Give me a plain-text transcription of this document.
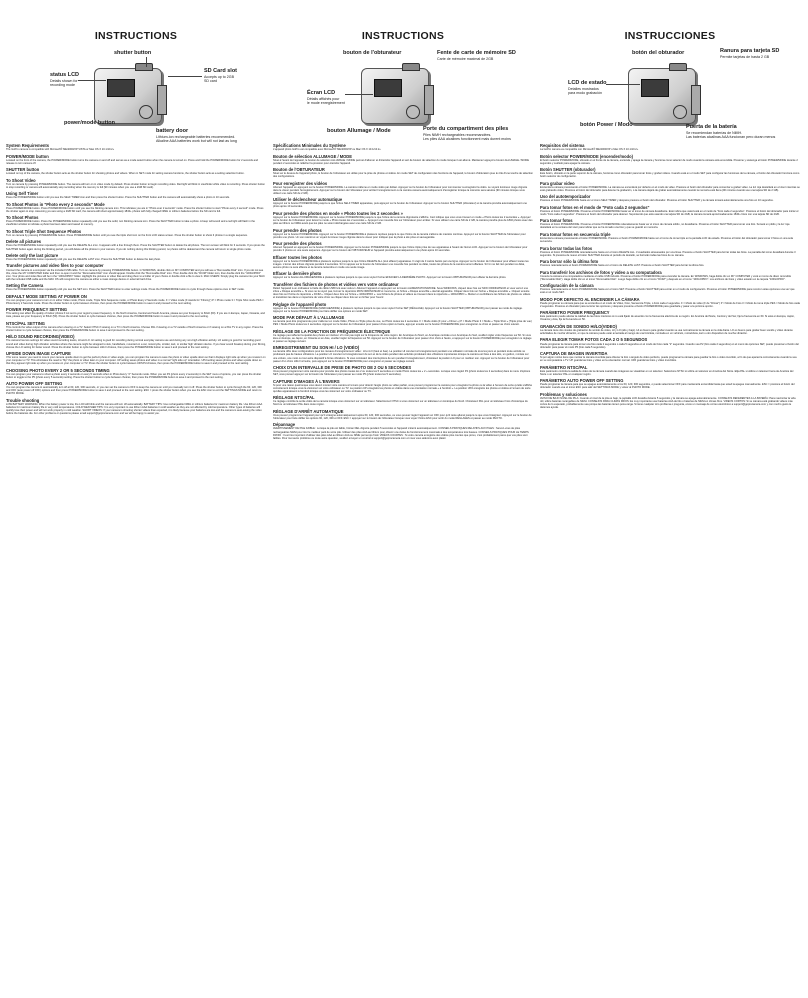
INSTRUCTIONS
shutter button
status LCD
Details shown for
recording mode
SD Card slot
Accepts up to 2GB
SD card
power/mode button
battery door
Lithium-ion rechargeable batteries recommended.
Alkaline AAA batteries work but will not last as long

System Requirements
The GoPro camera is compatible with Microsoft® ME/2000/XP VISTA or Mac OS X 10.1/10.2+

POWER/MODE button
Located on the front of the camera, the POWER/MODE button turns the camera on and off and serves as a mode select button when the camera is turned on. Press and hold the POWER/MODE button for 2 seconds and release to turn camera off.

SHUTTER button
Located on top of the camera, the shutter button acts as the shutter button for shooting photos and videos. When in SET mode for setting camera functions, the shutter button acts as a setting selection button.

To Shoot Video
Turn on camera by pressing POWER/MODE button. The camera will turn on in video mode by default. Press shutter button to begin recording video. Red light will blink in viewfinder while video is recording. Press shutter button to stop recording or camera will automatically stop recording when the memory is full (90 minutes when you use a 2GB SD card).

Using Self Timer
Press the POWER/MODE button until you see the SELF TIMER icon and then press the shutter button. Press the SHUTTER button and the camera will automatically shoot a photo in 10 seconds.

To Shoot Photos in "Photo every 2 seconds" Mode
Press POWER/MODE button. Press POWER/MODE button until you see the blinking camera icon. This indicates you are in "Photo ever 2 seconds" mode. Press the shutter button to start "Photo every 2 second" mode. Press the shutter again to stop. Assuming you are using a 2GB SD card, the camera will shoot approximately 1840+ photos with fully charged NiMH or Lithium batteries before the SD card is full.

To Shoot Photos
Press POWER/MODE button. Press the POWER/MODE button repeatedly until you see the solid, non blinking camera icon. Press the SHUTTER button to take a photo. A beep will sound and a red light will flash in the viewfinder window to indicate a photo has been taken and saved to memory.

To Shoot Triple Shot Sequence Photos
Turn on camera by pressing POWER/MODE button. Press POWER/MODE button until you see the triple shot icon on the front LCD status screen. Press the shutter button to shoot 3 photos in a single sequence.

Delete all pictures
Press the POWER/MODE button repeatedly until you see the DELETE ALL icon. It appears with a line through them. Press the SHUTTER button to delete the all photos. The icon screen will blink for 3 seconds. If you press the SHUTTER button again during the blinking period, you will delete all the photos in your camera. If you do nothing during this blinking period, no photos will be deleted and the camera will return to single photo mode.

Delete only the last picture
Press the POWER/MODE button repeatedly until you see the DELETE LAST icon. Press the SHUTTER button to delete the last photo.

Transfer pictures and video files to your computer
Connect the camera to a computer via the included USB cable. Turn on camera by pressing POWER/MODE button. In WINDOWS, double click on MY COMPUTER and you will see a "Removable Disk" icon. If you do not see this, close the MY COMPUTER folder and then re-open it and the "Removable Disk" icon should appear. Double click the "Removable Disk" icon. Then double click the "DCIM" folder icon, then double click the "100GOPRO" icon. Your photo and video files will be in the "100GOPRO" folder. Highlight the pictures or video files and drag them to a folder of your choice or double click a file to view it. MAC USERS: Simply plug the camera into your MAC with the included USB cable and the MAC OS will recognize the camera as either a mass storage device or external hard drive.

Setting the Camera
Press the POWER/MODE button repeatedly until you see the SET icon. Press the SHUTTER button to enter settings mode. Press the POWER/MODE button to cycle through these options once in SET mode.

DEFAULT MODE SETTING AT POWER ON
You can program your camera to turn on in either Video mode, Photo mode, Triple Shot Sequence mode, or Photo Every 2 Seconds mode. F = Video mode (F stands for "Filming") P = Photo mode 3 = Triple Shot mode PES = Photo Every 2 Seconds mode. Press the shutter button to cycle between choices, then press the POWER/MODE button to save it and proceed to the next setting.

POWER FREQUENCY SETTING
This setting can affect the quality of indoor photos if not set to your region's power frequency. In the North America, Central and South America, please set your frequency to 60Hz (60). If you are in Europe, Japan, Oceania, and Asia, please set your frequency to 50Hz (50). Press the shutter button to cycle between choices, then press the POWER/MODE button to save it and proceed to the next setting.

NTSC/PAL SETTING
This controls the video output of the camera when viewing on a TV. Select NTSC if viewing on a TV in North America. Choose PAL if viewing on a TV outside of North America or if viewing on a PAL TV in any region. Press the shutter button to cycle between choices, then press the POWER/MODE button to save it and proceed to the next setting.

HI/LO SOUND RECORDING(VIDEO)
The camera has two settings for video sound recording levels, HI and LO. HI setting is good for recording during normal everyday camera use and during any non-high vibration activity. LO setting is good for recording good sound and video during high vibration activities where the camera might be strapped to skis, handlebars, mounted on a car, motorcycle, stroller, kart, or similar high vibration device. If you hear sound breakup during your filming, choose the LO setting for better sound. Press the shutter button to cycle between HI/LO choices, then press the POWER/MODE button to save it and proceed to the next setting.

UPSIDE DOWN IMAGE CAPTURE
If for some reason you need to mount your camera upside down to get the perfect photo or video angle, you can program the camera to save the photo or video upside down so that it displays right side up when you review it on your computer or TV. This eliminates the need to "flip" the photo or video later on your computer. UP setting saves photos and video in a normal "right side up" orientation. UPd setting saves photos and video upside down so that they appear right side up when you review on your computer or TV. Press the shutter button to cycle between UP/UPd choices, then press the POWER/MODE button to save it and proceed to the next setting.

CHOOSING PHOTO EVERY 2 OR 5 SECONDS TIMING
You can program your camera to shoot a photo every 2 seconds or every 5 seconds when in Photo Every "2" Seconds mode. When you set P2 (photo every 2 seconds) in the SET menu of options, you can press the shutter button to toggle to the P5 (photo every 5 seconds) setting. Press the shutter button to cycle between choices, then press the POWER/MODE button to save it and proceed to the next setting.

AUTO POWER OFF SETTING
You can program the camera to automatically turn off at 60, 120, 300 seconds, or you can set the camera to OFF to keep the camera on until you manually turn it off. Press the shutter button to cycle through the 60, 120, 300 and OFF (auto power off OFF) options and then press POWER/MODE button to save it and proceed to the next setting. ESC = press the shutter button when you see the ESC icon to exit the SETTINGS MODE and return to PHOTO MODE.

Trouble shooting
LOW BATTERY WARNING: When the battery power is low, the LCD will blink and the camera will turn off automatically. BATTERY TIPS: Use rechargeable NiMH or Lithium batteries for maximum battery life. Use lithium AAA batteries for maximum battery life in very cold temperatures. COLD WEATHER TIPS: It is very important to use lithium AAA batteries in cold weather as they are not affected by cold temperature. Other types of batteries will quickly lose their power and will not work properly in cold weather. SHORT VIDEOS: If your camera is shooting shorter videos than expected, it is likely because your batteries are low and the camera is auto-saving the video before the batteries die. For other problems or questions please email support@goprocamera.com and we will be happy to assist you.

INSTRUCTIONS
bouton de l'obturateur
Écran LCD
Détails affichés pour
le mode enregistrement
Fente de carte de mémoire SD
Carte de mémoire maximal de 2GB
bouton Allumage / Mode	Porte du compartiment des piles
Piles NiMH rechargeables recommandées.
Les piles AAA alcalines fonctionnent mais durent moins

Spécifications Minimales du Système
L'appareil photo GoPro est compatible avec Microsoft® ME/2000/XP ou Mac OS X 10.1/10.2+

Bouton de sélection ALLUMAGE / MODE
Situé à l'avant de l'appareil, le bouton de sélection ALLUMAGE / MODE permet d'allumer et d'éteindre l'appareil et sert de bouton de sélection du mode lorsque il est allumé. Maintenez appuyé le bouton ALLUMAGE / MODE pendant 2 secondes et relâchez la pression pour éteindre l'appareil.

Bouton de l'OBTURATEUR
Situé sur le dessus de l'appareil photo, le bouton de l'obturateur est utilisé pour la prise de photos et vidéos. En mode SET de configuration des fonctions de l'appareil, le bouton d'obturation joue le rôle d'une touche de sélection des configurations.

Pour enregistrer des vidéos
Allumez l'appareil en appuyant sur le bouton POWER/MODE. La caméra s'allume en mode vidéo par défaut. Appuyez sur le bouton de l'obturateur pour commencer à enregistrer la vidéo. Le voyant lumineux rouge clignote dans le viseur pendant l'enregistrement. Appuyez sur le bouton de l'obturateur pour arrêter l'enregistrement ou la caméra cessera automatiquement d'enregistrer lorsque la mémoire sera saturée (90 minutes lorsque vous utilisez une carte SD de 2 GB).

Utiliser le déclencheur automatique
Appuyez sur le bouton POWER/MODE jusqu'à ce que l'icône SELF TIMER apparaisse, puis appuyez sur le bouton de l'obturateur. Appuyez sur le bouton SHUTTER (obturateur) et la caméra prendra automatiquement une photo après 10 secondes.

Pour prendre des photos en mode « Photo toutes les 2 secondes »
Appuyez sur le bouton POWER/MODE. Appuyez sur le bouton POWER/MODE jusqu'à ce que l'icône de la caméra clignotante s'affiche. Ceci indique que vous vous trouvez en mode « Photo toutes les 2 secondes ». Appuyez sur le bouton de l'obturateur pour lancer le mode « Photo toutes les 2 secondes ». Appuyez une nouvelle fois sur l'obturateur pour arrêter. Si vous utilisez une carte SD de 2 GB, la caméra prendra plus de 1840 photos avec des piles au lithium ou NiMH avant que les piles ne soient déchargées avec une carte SD de 2 GB.

Pour prendre des photos
Appuyez sur le bouton POWER/MODE. Appuyez sur le bouton POWER/MODE à plusieurs reprises jusqu'à ce que l'icône de la caméra s'allume de manière continue. Appuyez sur le bouton SHUTTER de l'obturateur pour prendre une photo. Un son retentit et un voyant lumineux rouge clignote dans le viseur pour indiquer que la photo a été prise et sauvegardée.

Pour prendre des photos
Allumez l'appareil en appuyant sur le bouton POWER/MODE. Appuyez sur le bouton POWER/MODE jusqu'à ce que l'icône triple prise de vue apparaisse à l'avant de l'écran LCD. Appuyez sur le bouton de l'obturateur pour prendre 3 photos en une seule séquence. Appuyez sur le bouton de l'OBTURATEUR et l'appareil prendra automatiquement une photo après 10 secondes.

Effacer toutes les photos
Appuyez sur le bouton POWER/MODE à plusieurs reprises jusqu'à ce que l'icône DELETE ALL (tout effacer) apparaisse. Il s'agit de 3 carrés barrés par une ligne. Appuyez sur le bouton de l'obturateur pour effacer toutes les images. L'écran des icônes clignote pendant 3 secondes. Si l'on appuie sur le bouton de l'obturateur une nouvelle fois pendant ce délai, toutes les photos de la caméra seront effacées. Si l'on ne fait rien pendant ce délai, aucune photo ne sera effacée et la caméra reviendra en mode une seule image.

Effacer la dernière photo
Appuyez sur le bouton ALLUMAGE/MODE à plusieurs reprises jusqu'à ce que vous voyiez l'icône EFFACER LA DERNIÈRE PHOTO. Appuyez sur le bouton OBTURATEUR pour effacer la dernière photo.

Transférer des fichiers de photos et vidéos vers votre ordinateur
Reliez l'appareil à un ordinateur à l'aide du câble USB livré avec celui-ci. Allumez l'appareil en appuyant sur le bouton ALIMENTATION/MODE. Sous WINDOWS, cliquez deux fois sur MON ORDINATEUR et vous verrez une icône « Disque amovible ». Si vous ne la voyez pas, fermez le répertoire MON ORDINATEUR et rouvrez-le, et l'icône « Disque amovible » devrait apparaître. Cliquez deux fois sur l'icône « Disque amovible ». Cliquez ensuite deux fois sur l'icône du répertoire « DCIM ». Cliquez deux fois sur l'icône « 100GOPRO ». Les fichiers de photos et vidéos se trouvent dans le répertoire « 100GOPRO ». Mettez en surbrillance les fichiers de photos ou vidéos et transférez-les dans un répertoire de votre choix ou cliquez deux fois sur un fichier pour l'ouvrir.

Réglage de l'appareil photo
Appuyez sur le bouton POWER/MODE (MARCHE/MODE) à plusieurs reprises jusqu'à ce que vous voyiez l'icône SET (RÉGLAGE). Appuyez sur le bouton SHUTTER (OBTURATEUR) pour passer au mode de réglage. Appuyez sur le bouton POWER/MODE pour faire défiler ces options en mode SET.

MODE PAR DÉFAUT À L'ALLUMAGE
La caméra peut être programmée pour s'allumer en mode Vidéo, Photo ou Triple prise de vue, ou Photo toutes les 2 secondes. F = Mode vidéo (F pour « Filmer ») P = Mode Photo 3 = Mode « Triple Shot » (Triple prise de vue) PES = Mode Photo toutes les 2 secondes. Appuyez sur le bouton de l'obturateur pour passer d'une option à l'autre, appuyer ensuite sur le bouton POWER/MODE pour enregistrer ce choix et passer au choix suivant.

RÉGLAGE DE LA FONCTION DE FRÉQUENCE ÉLECTRIQUE
Ce réglage peut affecter la qualité des photos en intérieur s'il n'est pas réglé sur la fréquence de votre région. En Amérique du Nord, en Amérique centrale et en Amérique du Sud, veuillez régler votre fréquence sur 60. Si vous êtes en Europe, au Japon, en Océanie et en Asie, veuillez régler la fréquence sur 50. Appuyez sur le bouton de l'obturateur pour passer d'un choix à l'autre, et appuyez sur le bouton POWER/MODE pour enregistrer ce réglage et passer au réglage suivant.

ENREGISTREMENT DU SON HI / LO (VIDÉO)
La caméra offre deux configurations pour les niveaux d'enregistrement vidéo : HI et LO (haut et bas). La position HI convient à l'enregistrement pendant une utilisation normale de tous les jours et pendant toute activité ne produisant pas de hautes vibrations. La position LO convient à l'enregistrement du son et de la vidéo pendant des activités produisant des vibrations importantes lorsque la caméra est fixée à des skis, un guidon, montée sur une voiture, une moto ou tout autre dispositif à fortes vibrations. Si vous constatez des interruptions de son pendant l'enregistrement, choisissez la position LO pour un meilleur son. Appuyez sur le bouton de l'obturateur pour passer d'un choix HI/LO à l'autre, puis appuyez sur le bouton POWER/MODE pour enregistrer et passer au réglage suivant.

CHOIX D'UN INTERVALLE DE PRISE DE PHOTO DE 2 OU 5 SECONDES
Vous pouvez programmer votre caméra pour prendre des photos toutes les 2 ou toutes les 5 secondes en mode Photo toutes les « 2 » secondes. Lorsque vous réglez P2 (photo toutes les 2 secondes) dans le menu d'options SET, vous pouvez appuyer sur le bouton de l'obturateur pour passer au mode P5 (photo toutes les 5 secondes).

CAPTURE D'IMAGES À L'ENVERS
Si pour une raison quelconque vous devez monter votre caméra à l'envers pour obtenir l'angle photo ou vidéo parfait, vous pouvez programmer la caméra pour enregistrer la photo ou la vidéo à l'envers de sorte qu'elle s'affiche correctement lorsque vous la visionnez sur votre ordinateur ou TV. La position UP enregistre les photos et vidéos dans une orientation normale « à l'endroit ». La position UPd enregistre les photos et vidéos à l'envers de sorte qu'elles apparaissent à l'endroit lorsque vous les visionnez sur votre ordinateur ou TV.

RÉGLAGE NTSC/PAL
Ce réglage contrôle la sortie vidéo de la caméra lorsque vous visionnez sur un téléviseur. Sélectionnez NTSC si vous visionnez sur un téléviseur en Amérique du Nord. Choisissez PAL pour un téléviseur hors d'Amérique du Nord ou un téléviseur PAL dans toute région.

RÉGLAGE D'ARRÊT AUTOMATIQUE
Vous pouvez programmer l'appareil pour qu'il s'éteigne automatiquement après 60, 120, 300 secondes, ou vous pouvez régler l'appareil sur OFF pour qu'il reste allumé jusqu'à ce que vous l'éteigniez. Appuyez sur le bouton de l'obturateur pour faire défiler les options 60, 120, 300 et OFF. ESC = appuyez sur le bouton de l'obturateur lorsque vous voyez l'icône ESC pour sortir du mode RÉGLAGES et passer au mode PHOTO.

Dépannage
AVERTISSEMENT DE PILE FAIBLE : Lorsque la pile est faible, l'écran DEL clignote pendant 5 secondes et l'appareil s'éteint automatiquement. CONSEILS PRATIQUES RELATIFS AUX PILES : Servez-vous de piles rechargeables NiMH pour tirer le meilleur parti de votre pile. Utilisez des piles AAA au lithium pour obtenir une durée de fonctionnement maximale à des températures très basses. CONSEILS PRATIQUES POUR LE TEMPS FROID : Il est très important d'utiliser des piles AAA au lithium AAA ou NiMH par temps froid. VIDÉOS COURTES : Si votre caméra enregistre des vidéos plus courtes que prévu, c'est probablement parce que vos piles sont faibles. Pour tout autre problème ou toute autre question, veuillez envoyer un courriel à support@goprocamera.com et nous vous aiderons avec plaisir.

INSTRUCCIONES
botón del obturador
LCD de estado
Detalles mostrados
para modo grabación
Ranura para tarjeta SD
Permite tarjetas de hasta 2 GB
botón Power / Modo	Puerta de la batería
Se recomiendan baterías de NiMH.
Las baterías alcalinas AAA funcionan pero duran menos

Requisitos del sistema
La GoPro camera es compatible con Microsoft® ME/2000/XP o Mac OS X 10.1/10.2+

Botón selector POWER/MODE (encender/modo)
El botón selector POWER/MODE, ubicado en el frente de la cámara, enciende y apaga la cámara y funciona como selector de modo cuando la cámara está encendida. Presione y sostenga el botón POWER/MODE durante 2 segundos y suéltelo para apagar la cámara.

Botón SHUTTER (obturador)
Este botón, ubicado en la parte superior de la cámara, funciona como obturador para tomar fotos y grabar videos. Cuando está en el modo SET para configurar las funciones de la cámara, el botón del obturador funciona como botón selector de configuración.

Para grabar video
Encienda la cámara presionando el botón POWER/MODE. La cámara se encenderá por defecto en el modo de video. Presione el botón del obturador para comenzar a grabar video. La luz roja destellará en el visor mientras se esté grabando video. Presione el botón del obturador para detener la grabación, o la cámara dejará de grabar automáticamente cuando la memoria esté llena (90 minutos cuando use una tarjeta SD de 2 GB).

Uso del autotemporizador
Presione el botón POWER/MODE hasta ver el ícono SELF TIMER y después presione el botón del obturador. Presione el botón SHUTTER y la cámara tomará automáticamente una foto en 10 segundos.

Para tomar fotos en el modo de "Foto cada 2 segundos"
Presione el botón POWER/MODE. Presione el botón POWER/MODE hasta ver el ícono de cámara destellante. Esto indica que usted está en el modo de "Foto cada 2 segundos". Presione el botón del obturador para iniciar el modo "Foto cada 2 segundos". Presione el botón del obturador para detener. Suponiendo que está usando una tarjeta SD de 2GB, la cámara tomará aproximadamente 1840+ fotos con una tarjeta SD de 2GB.

Para tomar fotos
Presione el botón POWER/MODE. Presione el botón POWER/MODE reiteradamente hasta ver el ícono de cámara sólido, no destellante. Presione el botón SHUTTER para tomar una foto. Sonará un pitido y la luz roja destellará en la ventana del visor para indicar que se ha tomado una foto y que se guardó en memoria.

Para tomar fotos en secuencia triple
Encienda la cámara presionando el botón POWER/MODE. Presione el botón POWER/MODE hasta ver el ícono de toma triple en la pantalla LCD de estado. Presione el botón del obturador para tomar 3 fotos en una sola secuencia.

Para borrar todas las fotos
Presione el botón POWER/MODE reiteradamente hasta ver el ícono DELETE ALL. 3 cuadrados atravesados por una línea. Presione el botón SHUTTER para borrar todas las fotos. La pantalla del ícono destellará durante 3 segundos. Si presiona de nuevo el botón SHUTTER durante el periodo de destello, se borrarán todas las fotos de su cámara.

Para borrar sólo la última foto
Presione reiteradamente el botón POWER/MODE hasta ver el ícono de DELETE LAST. Presione el botón SHUTTER para borrar la última foto.

Para transferir los archivos de fotos y video a su computadora
Conecte la cámara a la computadora mediante el cable USB incluido. Presione el botón POWER/MODE para encender la cámara. En WINDOWS, haga doble clic en MY COMPUTER y verá un ícono de disco removible ("Removable Disk"). Haga doble clic en el ícono "Removable Disk". Luego haga doble clic en el ícono "DCIM" y después en el ícono "100GOPRO". Los archivos de fotos y video estarán en la carpeta "100GOPRO".

Configuración de la cámara
Presione reiteradamente el botón POWER/MODE hasta ver el ícono SET. Presione el botón SHUTTER para entrar en el modo de configuración. Presione el botón POWER/MODE para recorrer estas opciones una vez que esté en el modo SET.

MODO POR DEFECTO AL ENCENDER LA CÁMARA
Puede programar su cámara para que se encienda en el modo de Video, Foto, Secuencia Triple, o Foto cada 2 segundos. F = Modo de video (F de "Filmar") P = Modo de Foto 3 = Modo de toma triple PES = Modo de foto cada 2 segundos. Presione el obturador para recorrer las opciones y después presione el botón POWER/MODE para guardarla y pasar a la próxima opción.

PARÁMETRO POWER FREQUENCY
Este parámetro puede afectar la calidad de las fotos interiores si no está fijado de acuerdo con la frecuencia eléctrica de su región. En América del Norte, Central y del Sur, fije la frecuencia en 60. Si está en Europa, Japón, Oceanía y Asia, fije la frecuencia en 50.

GRABACIÓN DE SONIDO HI/LO(VIDEO)
La cámara tiene dos niveles de grabación de sonido de video, HI y LO (alto y bajo). HI es bueno para grabar cuando se usa normalmente la cámara en la vida diaria. LO es bueno para grabar buen sonido y video durante actividades de mucha vibración, en que la cámara puede estar amarrada al mango de una bicicleta, montada en un vehículo, motocicleta, kart u otro dispositivo de mucha vibración.

PARA ELEGIR TOMAR FOTOS CADA 2 O 5 SEGUNDOS
Puede programar la cámara para tomar una foto cada 2 segundos o cada 5 segundos en el modo de Foto cada "2" segundos. Cuando vea P2 (foto cada 2 segundos) en el menú de opciones SET, puede presionar el botón del obturador para pasar el modo P5 (foto cada 5 segundos).

CAPTURA DE IMAGEN INVERTIDA
Si por algún motivo tiene que montar la cámara invertida para obtener la foto o ángulo de video perfecto, puede programar la cámara para guardar la foto o video invertido, a fin de que aparezca correctamente cuando la vea en su computadora o TV. UP guarda las fotos y video en la orientación normal. UPd guarda las fotos y video invertidos.

PARÁMETRO NTSC/PAL
Este parámetro controla la salida de video de la cámara cuando las imágenes se visualizan en un televisor. Seleccione NTSC si utiliza un televisor en América del Norte. Elija PAL si utiliza un televisor fuera de América del Norte o un televisor PAL en cualquier región.

PARÁMETRO AUTO POWER OFF SETTING
Puede programar la cámara para que se apague automáticamente a los 60, 120, 300 segundos, o puede seleccionar OFF para mantenerla encendida hasta que usted la apague manualmente. ESC = presione el botón del obturador cuando vea el ícono ESC para salir del SETTINGS MODE y volver al PHOTO MODE.

Problemas y soluciones
AVISO DE BAJO NIVEL DE PILA: Cuando el nivel de la pila es bajo, la pantalla LCD destella durante 5 segundos y la cámara se apaga automáticamente. CONSEJOS REFERENTES A LA BATERÍA: Para maximizar la vida útil, utilice baterías recargables de NiMH. CONSEJOS PARA CLIMAS FRÍOS: Es muy importante usar baterías AAA de litio o baterías de NiMH en climas fríos. VIDEOS CORTOS: Si su cámara está grabando videos más cortos de lo esperado, probablemente sea porque las baterías tienen poca carga. Si tiene cualquier otro problema o pregunta, envíe un mensaje de correo electrónico a support@goprocamera.com y con mucho gusto le daremos ayuda.
